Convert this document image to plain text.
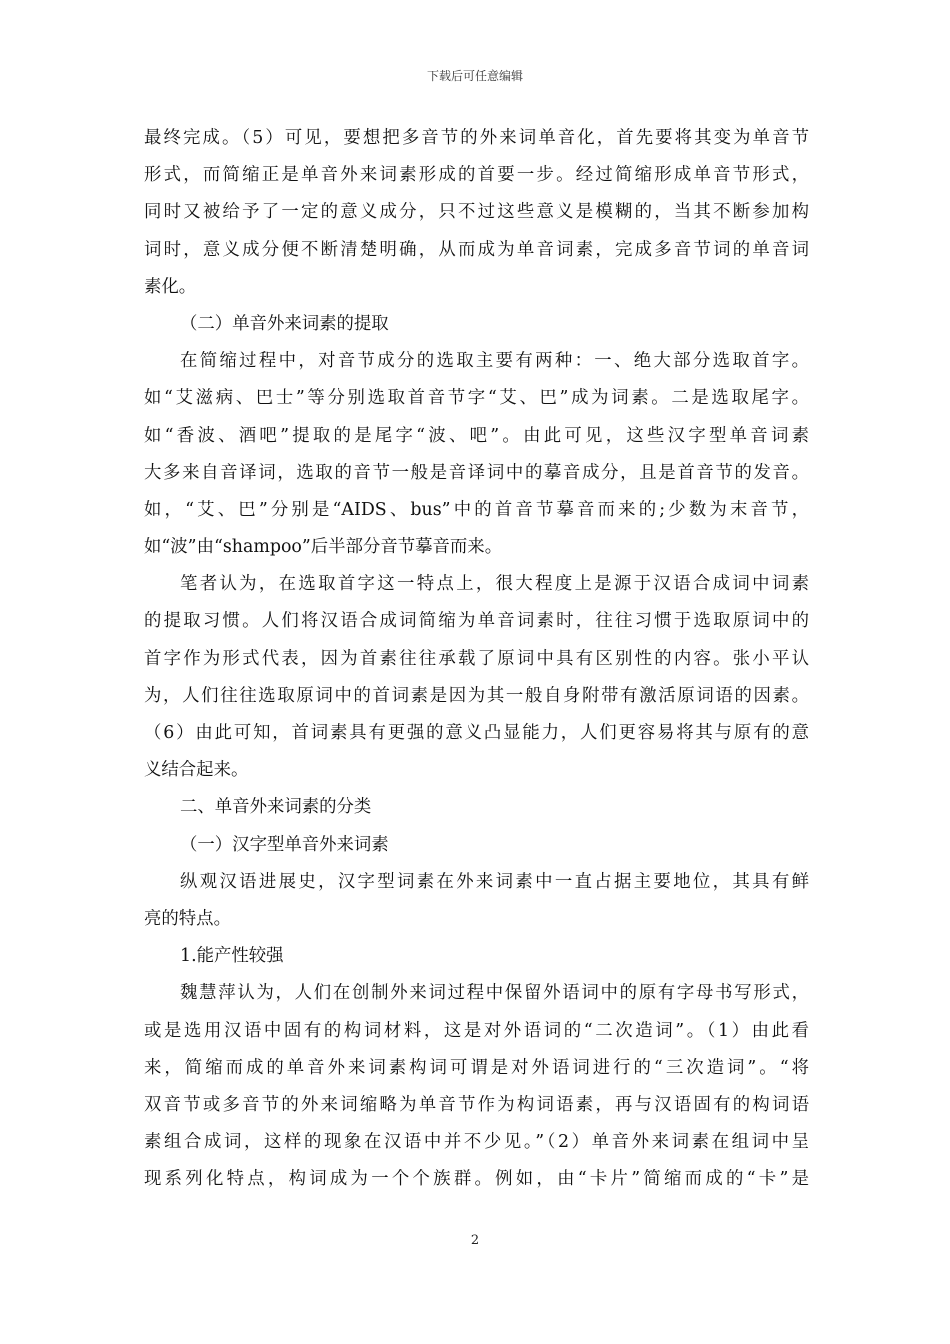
下载后可任意编辑
最终完成。（5）可见，要想把多音节的外来词单音化，首先要将其变为单音节
形式，而简缩正是单音外来词素形成的首要一步。经过简缩形成单音节形式，
同时又被给予了一定的意义成分，只不过这些意义是模糊的，当其不断参加构
词时，意义成分便不断清楚明确，从而成为单音词素，完成多音节词的单音词
素化。
（二）单音外来词素的提取
在简缩过程中，对音节成分的选取主要有两种：一、绝大部分选取首字。
如“艾滋病、巴士”等分别选取首音节字“艾、巴”成为词素。二是选取尾字。
如“香波、酒吧”提取的是尾字“波、吧”。由此可见，这些汉字型单音词素
大多来自音译词，选取的音节一般是音译词中的摹音成分，且是首音节的发音。
如，“艾、巴”分别是“AIDS、bus”中的首音节摹音而来的;少数为末音节，
如“波”由“shampoo”后半部分音节摹音而来。
笔者认为，在选取首字这一特点上，很大程度上是源于汉语合成词中词素
的提取习惯。人们将汉语合成词简缩为单音词素时，往往习惯于选取原词中的
首字作为形式代表，因为首素往往承载了原词中具有区别性的内容。张小平认
为，人们往往选取原词中的首词素是因为其一般自身附带有激活原词语的因素。
（6）由此可知，首词素具有更强的意义凸显能力，人们更容易将其与原有的意
义结合起来。
二、单音外来词素的分类
（一）汉字型单音外来词素
纵观汉语进展史，汉字型词素在外来词素中一直占据主要地位，其具有鲜
亮的特点。
1.能产性较强
魏慧萍认为，人们在创制外来词过程中保留外语词中的原有字母书写形式，
或是选用汉语中固有的构词材料，这是对外语词的“二次造词”。（1）由此看
来，简缩而成的单音外来词素构词可谓是对外语词进行的“三次造词”。“将
双音节或多音节的外来词缩略为单音节作为构词语素，再与汉语固有的构词语
素组合成词，这样的现象在汉语中并不少见。”（2）单音外来词素在组词中呈
现系列化特点，构词成为一个个族群。例如，由“卡片”简缩而成的“卡”是
2
